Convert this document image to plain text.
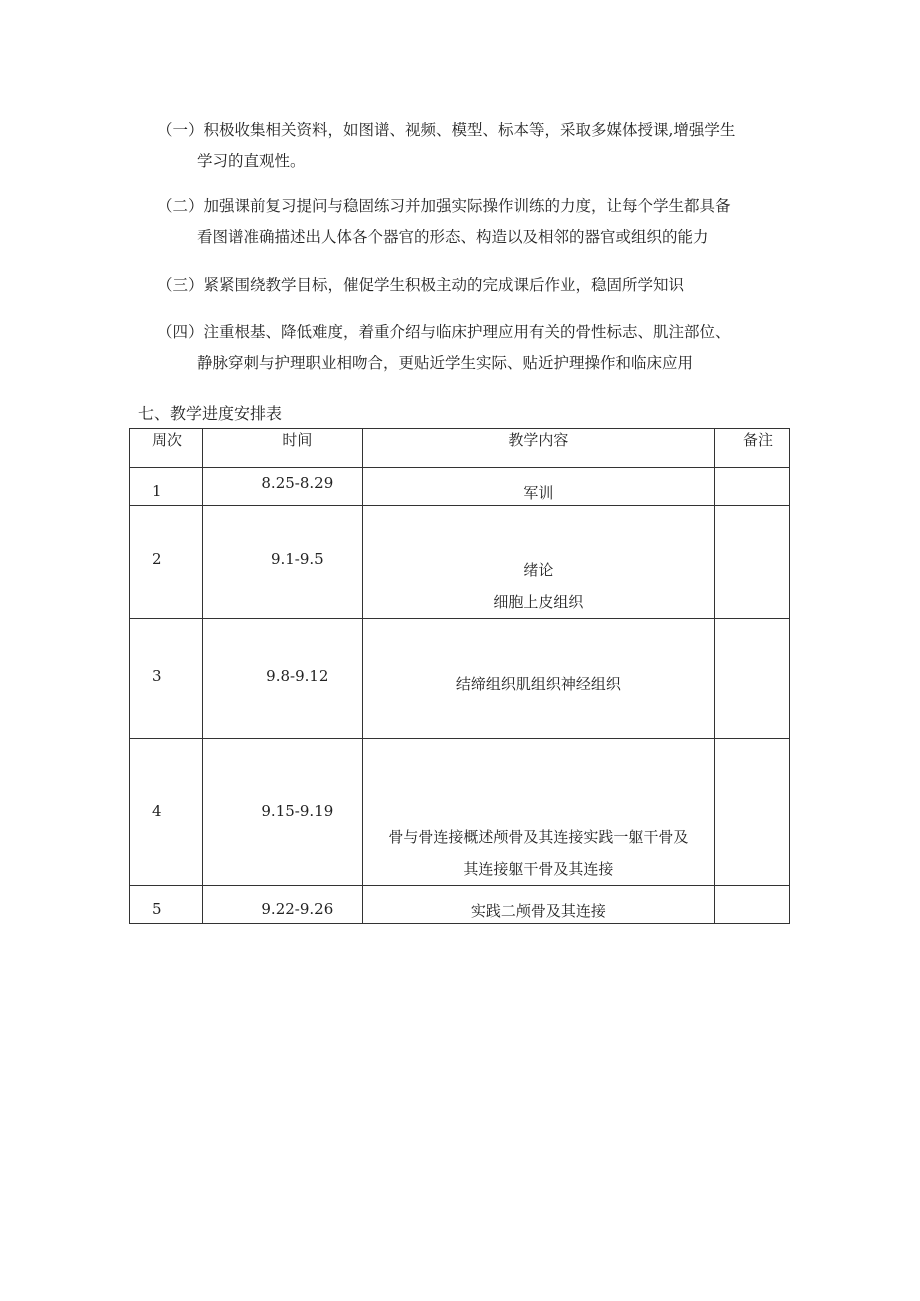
（一）积极收集相关资料，如图谱、视频、模型、标本等，采取多媒体授课,增强学生
学习的直观性。
（二）加强课前复习提问与稳固练习并加强实际操作训练的力度，让每个学生都具备
看图谱准确描述出人体各个器官的形态、构造以及相邻的器官或组织的能力
（三）紧紧围绕教学目标，催促学生积极主动的完成课后作业，稳固所学知识
（四）注重根基、降低难度，着重介绍与临床护理应用有关的骨性标志、肌注部位、
静脉穿刺与护理职业相吻合，更贴近学生实际、贴近护理操作和临床应用
七、教学进度安排表
周次	时间	教学内容	备注

1	8.25-8.29	军训	
2	9.1-9.5	绪论
细胞上皮组织	

3	9.8-9.12	结缔组织肌组织神经组织	
4	9.15-9.19	骨与骨连接概述颅骨及其连接实践一躯干骨及
其连接躯干骨及其连接	

5	9.22-9.26	实践二颅骨及其连接	
